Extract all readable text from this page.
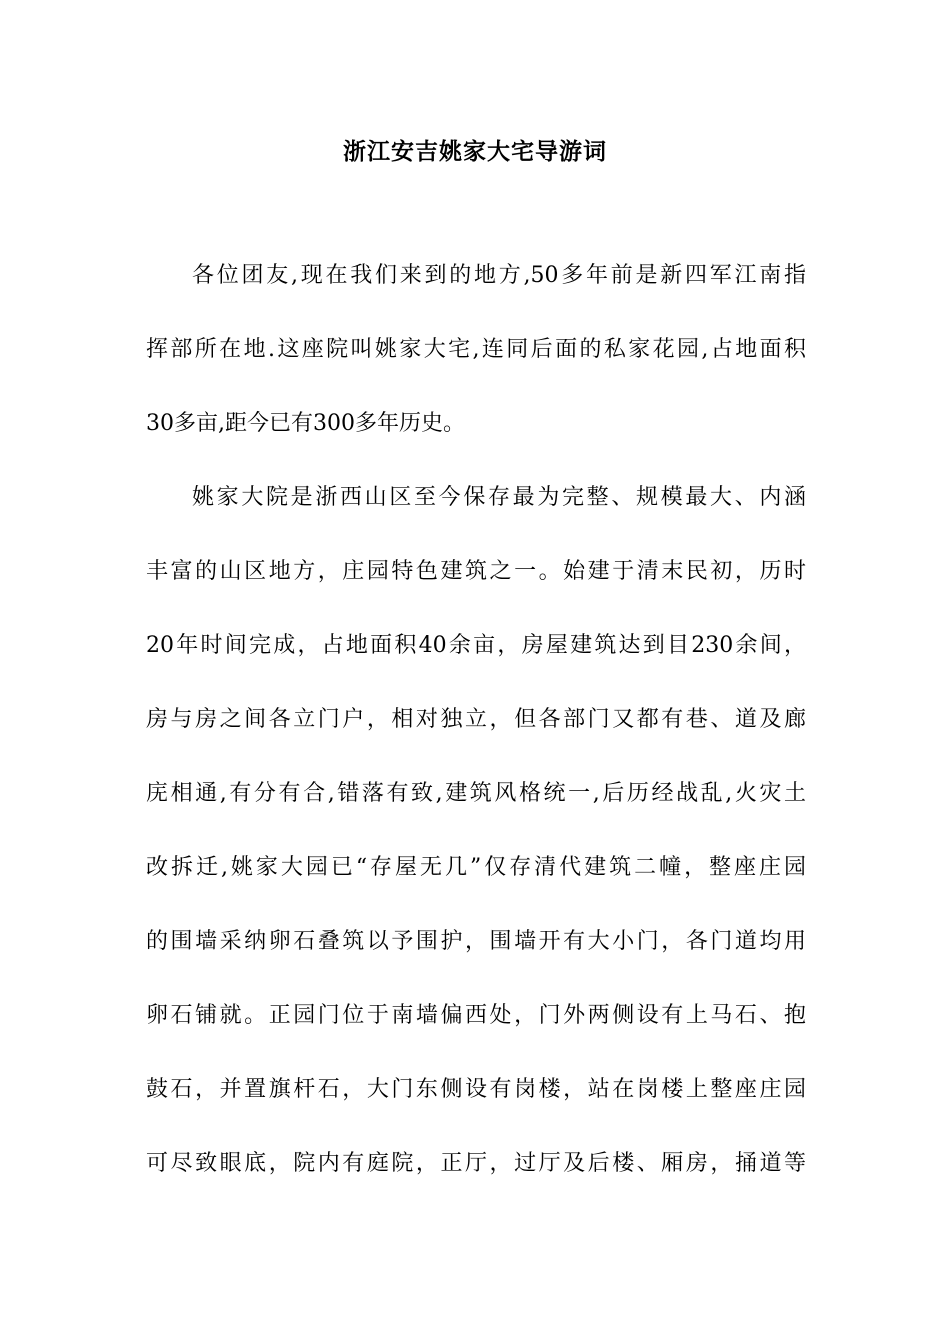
浙江安吉姚家大宅导游词
各位团友,现在我们来到的地方,50多年前是新四军江南指
挥部所在地.这座院叫姚家大宅,连同后面的私家花园,占地面积
30多亩,距今已有300多年历史。
姚家大院是浙西山区至今保存最为完整、规模最大、内涵
丰富的山区地方，庄园特色建筑之一。始建于清末民初，历时
20年时间完成，占地面积40余亩，房屋建筑达到目230余间，
房与房之间各立门户，相对独立，但各部门又都有巷、道及廊
庑相通,有分有合,错落有致,建筑风格统一,后历经战乱,火灾土
改拆迁,姚家大园已“存屋无几”仅存清代建筑二幢，整座庄园
的围墙采纳卵石叠筑以予围护，围墙开有大小门，各门道均用
卵石铺就。正园门位于南墙偏西处，门外两侧设有上马石、抱
鼓石，并置旗杆石，大门东侧设有岗楼，站在岗楼上整座庄园
可尽致眼底，院内有庭院，正厅，过厅及后楼、厢房，捅道等
